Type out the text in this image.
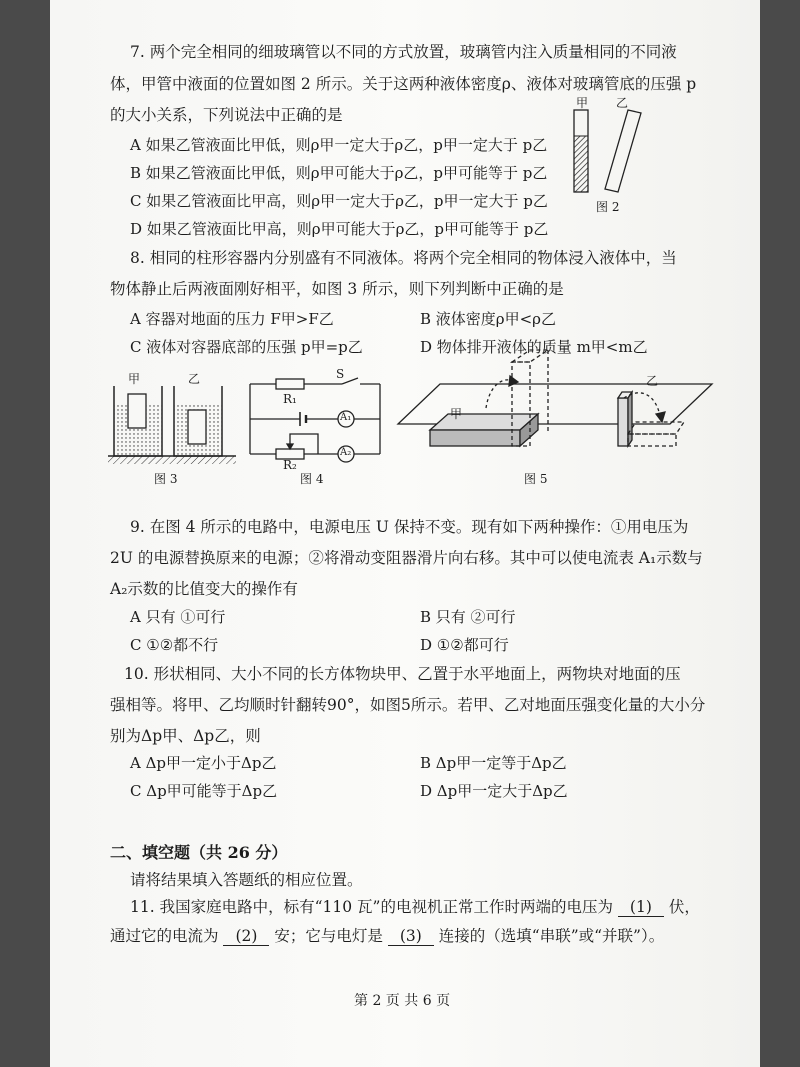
7. 两个完全相同的细玻璃管以不同的方式放置，玻璃管内注入质量相同的不同液
体，甲管中液面的位置如图 2 所示。关于这两种液体密度ρ、液体对玻璃管底的压强 p
的大小关系，下列说法中正确的是
A 如果乙管液面比甲低，则ρ甲一定大于ρ乙，p甲一定大于 p乙
B 如果乙管液面比甲低，则ρ甲可能大于ρ乙，p甲可能等于 p乙
C 如果乙管液面比甲高，则ρ甲一定大于ρ乙，p甲一定大于 p乙
D 如果乙管液面比甲高，则ρ甲可能大于ρ乙，p甲可能等于 p乙
甲 乙
图 2
8. 相同的柱形容器内分别盛有不同液体。将两个完全相同的物体浸入液体中，当
物体静止后两液面刚好相平，如图 3 所示，则下列判断中正确的是
A 容器对地面的压力 F甲>F乙	B 液体密度ρ甲<ρ乙
C 液体对容器底部的压强 p甲=p乙	D 物体排开液体的质量 m甲<m乙
甲	乙
图 3
S
R₁
A₁
A₂
R₂
图 4
甲
乙
图 5
9. 在图 4 所示的电路中，电源电压 U 保持不变。现有如下两种操作：①用电压为
2U 的电源替换原来的电源；②将滑动变阻器滑片向右移。其中可以使电流表 A₁示数与
A₂示数的比值变大的操作有
A 只有 ①可行	B 只有 ②可行
C ①②都不行	D ①②都可行
10. 形状相同、大小不同的长方体物块甲、乙置于水平地面上，两物块对地面的压
强相等。将甲、乙均顺时针翻转90°，如图5所示。若甲、乙对地面压强变化量的大小分
别为Δp甲、Δp乙，则
A Δp甲一定小于Δp乙	B Δp甲一定等于Δp乙
C Δp甲可能等于Δp乙	D Δp甲一定大于Δp乙
二、填空题（共 26 分）
请将结果填入答题纸的相应位置。
11. 我国家庭电路中，标有“110 瓦”的电视机正常工作时两端的电压为 (1) 伏，
通过它的电流为 (2) 安；它与电灯是 (3) 连接的（选填“串联”或“并联”）。
第 2 页 共 6 页
